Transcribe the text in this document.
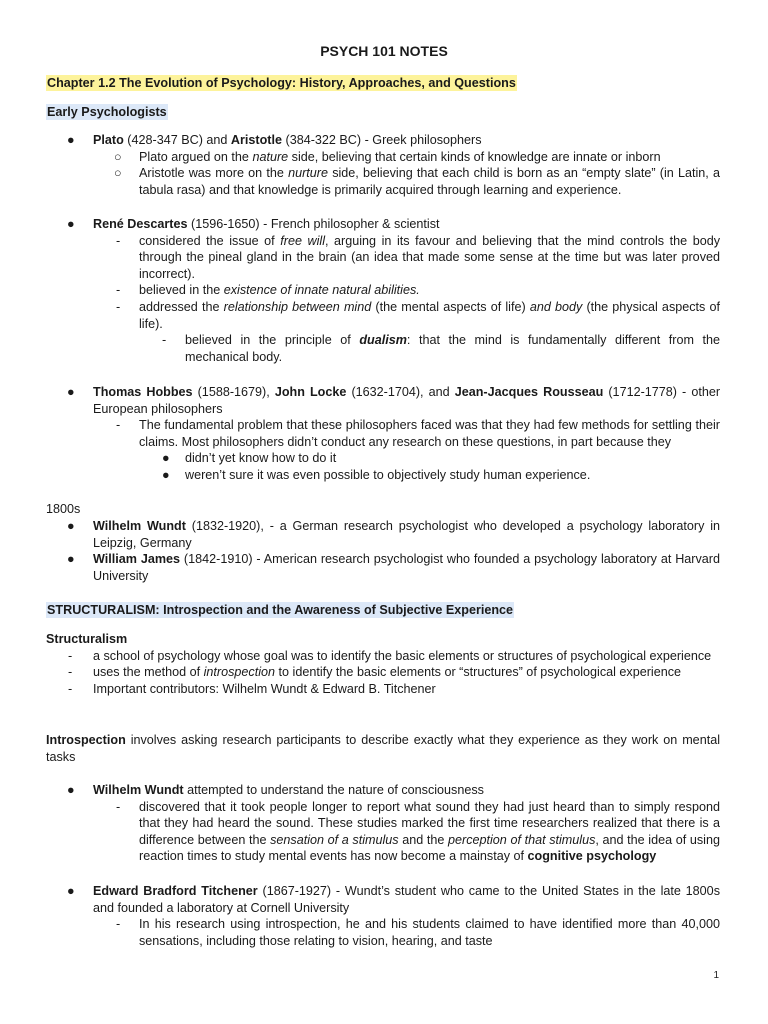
PSYCH 101 NOTES
Chapter 1.2 The Evolution of Psychology: History, Approaches, and Questions
Early Psychologists
● Plato (428-347 BC) and Aristotle (384-322 BC) - Greek philosophers
○ Plato argued on the nature side, believing that certain kinds of knowledge are innate or inborn
○ Aristotle was more on the nurture side, believing that each child is born as an “empty slate” (in Latin, a tabula rasa) and that knowledge is primarily acquired through learning and experience.
● René Descartes (1596-1650) - French philosopher & scientist
- considered the issue of free will, arguing in its favour and believing that the mind controls the body through the pineal gland in the brain (an idea that made some sense at the time but was later proved incorrect).
- believed in the existence of innate natural abilities.
- addressed the relationship between mind (the mental aspects of life) and body (the physical aspects of life).
- believed in the principle of dualism: that the mind is fundamentally different from the mechanical body.
● Thomas Hobbes (1588-1679), John Locke (1632-1704), and Jean-Jacques Rousseau (1712-1778) - other European philosophers
- The fundamental problem that these philosophers faced was that they had few methods for settling their claims. Most philosophers didn’t conduct any research on these questions, in part because they
● didn’t yet know how to do it
● weren’t sure it was even possible to objectively study human experience.
1800s
● Wilhelm Wundt (1832-1920), - a German research psychologist who developed a psychology laboratory in Leipzig, Germany
● William James (1842-1910) - American research psychologist who founded a psychology laboratory at Harvard University
STRUCTURALISM: Introspection and the Awareness of Subjective Experience
Structuralism
- a school of psychology whose goal was to identify the basic elements or structures of psychological experience
- uses the method of introspection to identify the basic elements or “structures” of psychological experience
- Important contributors: Wilhelm Wundt & Edward B. Titchener
Introspection involves asking research participants to describe exactly what they experience as they work on mental tasks
● Wilhelm Wundt attempted to understand the nature of consciousness
- discovered that it took people longer to report what sound they had just heard than to simply respond that they had heard the sound. These studies marked the first time researchers realized that there is a difference between the sensation of a stimulus and the perception of that stimulus, and the idea of using reaction times to study mental events has now become a mainstay of cognitive psychology
● Edward Bradford Titchener (1867-1927) - Wundt’s student who came to the United States in the late 1800s and founded a laboratory at Cornell University
- In his research using introspection, he and his students claimed to have identified more than 40,000 sensations, including those relating to vision, hearing, and taste
1
